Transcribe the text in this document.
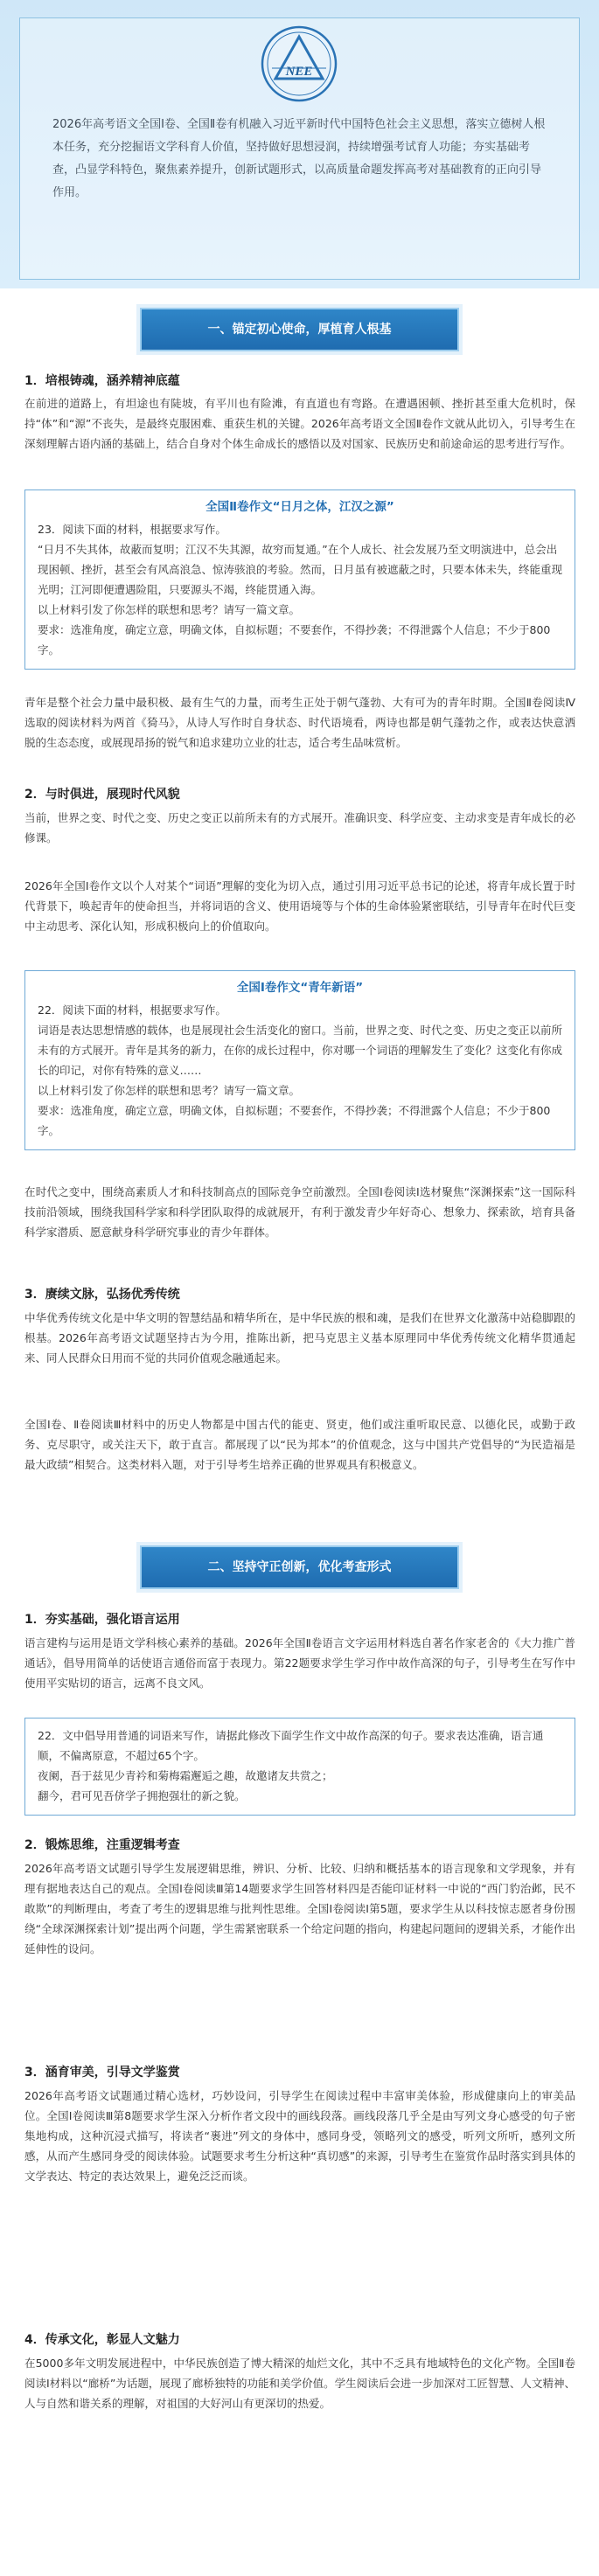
NEE

2026年高考语文全国Ⅰ卷、全国Ⅱ卷有机融入习近平新时代中国特色社会主义思想，落实立德树人根本任务，充分挖掘语文学科育人价值，坚持做好思想浸润，持续增强考试育人功能；夯实基础考查，凸显学科特色，聚焦素养提升，创新试题形式，以高质量命题发挥高考对基础教育的正向引导作用。

一、锚定初心使命，厚植育人根基
1．培根铸魂，涵养精神底蕴

在前进的道路上，有坦途也有陡坡，有平川也有险滩，有直道也有弯路。在遭遇困顿、挫折甚至重大危机时，保持“体”和“源”不丧失，是最终克服困难、重获生机的关键。2026年高考语文全国Ⅱ卷作文就从此切入，引导考生在深刻理解古语内涵的基础上，结合自身对个体生命成长的感悟以及对国家、民族历史和前途命运的思考进行写作。

全国Ⅱ卷作文“日月之体，江汉之源”
23．阅读下面的材料，根据要求写作。
“日月不失其体，故蔽而复明；江汉不失其源，故穷而复通。”在个人成长、社会发展乃至文明演进中，总会出现困顿、挫折，甚至会有风高浪急、惊涛骇浪的考验。然而，日月虽有被遮蔽之时，只要本体未失，终能重现光明；江河即便遭遇险阻，只要源头不竭，终能贯通入海。
以上材料引发了你怎样的联想和思考？请写一篇文章。
要求：选准角度，确定立意，明确文体，自拟标题；不要套作，不得抄袭；不得泄露个人信息；不少于800字。

青年是整个社会力量中最积极、最有生气的力量，而考生正处于朝气蓬勃、大有可为的青年时期。全国Ⅱ卷阅读Ⅳ选取的阅读材料为两首《猗马》，从诗人写作时自身状态、时代语境看，两诗也都是朝气蓬勃之作，或表达快意洒脱的生态态度，或展现昂扬的锐气和追求建功立业的壮志，适合考生品味赏析。

2．与时俱进，展现时代风貌

当前，世界之变、时代之变、历史之变正以前所未有的方式展开。准确识变、科学应变、主动求变是青年成长的必修课。

2026年全国Ⅰ卷作文以个人对某个“词语”理解的变化为切入点，通过引用习近平总书记的论述，将青年成长置于时代背景下，唤起青年的使命担当，并将词语的含义、使用语境等与个体的生命体验紧密联结，引导青年在时代巨变中主动思考、深化认知，形成积极向上的价值取向。

全国Ⅰ卷作文“青年新语”
22．阅读下面的材料，根据要求写作。
词语是表达思想情感的载体，也是展现社会生活变化的窗口。当前，世界之变、时代之变、历史之变正以前所未有的方式展开。青年是其务的新力，在你的成长过程中，你对哪一个词语的理解发生了变化？这变化有你成长的印记，对你有特殊的意义……
以上材料引发了你怎样的联想和思考？请写一篇文章。
要求：选准角度，确定立意，明确文体，自拟标题；不要套作，不得抄袭；不得泄露个人信息；不少于800字。

在时代之变中，围绕高素质人才和科技制高点的国际竞争空前激烈。全国Ⅰ卷阅读Ⅰ选材聚焦“深渊探索”这一国际科技前沿领域，围绕我国科学家和科学团队取得的成就展开，有利于激发青少年好奇心、想象力、探索欲，培育具备科学家潜质、愿意献身科学研究事业的青少年群体。

3．赓续文脉，弘扬优秀传统

中华优秀传统文化是中华文明的智慧结晶和精华所在，是中华民族的根和魂，是我们在世界文化激荡中站稳脚跟的根基。2026年高考语文试题坚持古为今用，推陈出新，把马克思主义基本原理同中华优秀传统文化精华贯通起来、同人民群众日用而不觉的共同价值观念融通起来。

全国Ⅰ卷、Ⅱ卷阅读Ⅲ材料中的历史人物都是中国古代的能吏、贤吏，他们或注重听取民意、以德化民，或勤于政务、克尽职守，或关注天下，敢于直言。都展现了以“民为邦本”的价值观念，这与中国共产党倡导的“为民造福是最大政绩”相契合。这类材料入题，对于引导考生培养正确的世界观具有积极意义。

二、坚持守正创新，优化考查形式
1．夯实基础，强化语言运用

语言建构与运用是语文学科核心素养的基础。2026年全国Ⅱ卷语言文字运用材料选自著名作家老舍的《大力推广普通话》，倡导用简单的话使语言通俗而富于表现力。第22题要求学生学习作中故作高深的句子，引导考生在写作中使用平实贴切的语言，远离不良文风。

22．文中倡导用普通的词语来写作，请据此修改下面学生作文中故作高深的句子。要求表达准确，语言通顺，不偏离原意，不超过65个字。
夜阑，吾于兹见少青衿和菊梅霜邂逅之趣，故邀诸友共赏之；
翻今，君可见吾侪学子拥抱强壮的新之貌。
2．锻炼思维，注重逻辑考查

2026年高考语文试题引导学生发展逻辑思维，辨识、分析、比较、归纳和概括基本的语言现象和文学现象，并有理有据地表达自己的观点。全国Ⅰ卷阅读Ⅲ第14题要求学生回答材料四是否能印证材料一中说的“西门豹治邺，民不敢欺”的判断理由，考查了考生的逻辑思维与批判性思维。全国Ⅰ卷阅读Ⅰ第5题，要求学生从以科技惊志愿者身份围绕“全球深渊探索计划”提出两个问题，学生需紧密联系一个给定问题的指向，构建起问题间的逻辑关系，才能作出延伸性的设问。

3．涵育审美，引导文学鉴赏

2026年高考语文试题通过精心选材，巧妙设问，引导学生在阅读过程中丰富审美体验，形成健康向上的审美品位。全国Ⅰ卷阅读Ⅲ第8题要求学生深入分析作者文段中的画线段落。画线段落几乎全是由写列文身心感受的句子密集地构成，这种沉浸式描写，将读者“裹进”列文的身体中，感同身受，领略列文的感受，听列文所听，感列文所感，从而产生感同身受的阅读体验。试题要求考生分析这种“真切感”的来源，引导考生在鉴赏作品时落实到具体的文学表达、特定的表达效果上，避免泛泛而谈。

4．传承文化，彰显人文魅力

在5000多年文明发展进程中，中华民族创造了博大精深的灿烂文化，其中不乏具有地域特色的文化产物。全国Ⅱ卷阅读Ⅰ材料以“廊桥”为话题，展现了廊桥独特的功能和美学价值。学生阅读后会进一步加深对工匠智慧、人文精神、人与自然和谐关系的理解，对祖国的大好河山有更深切的热爱。
